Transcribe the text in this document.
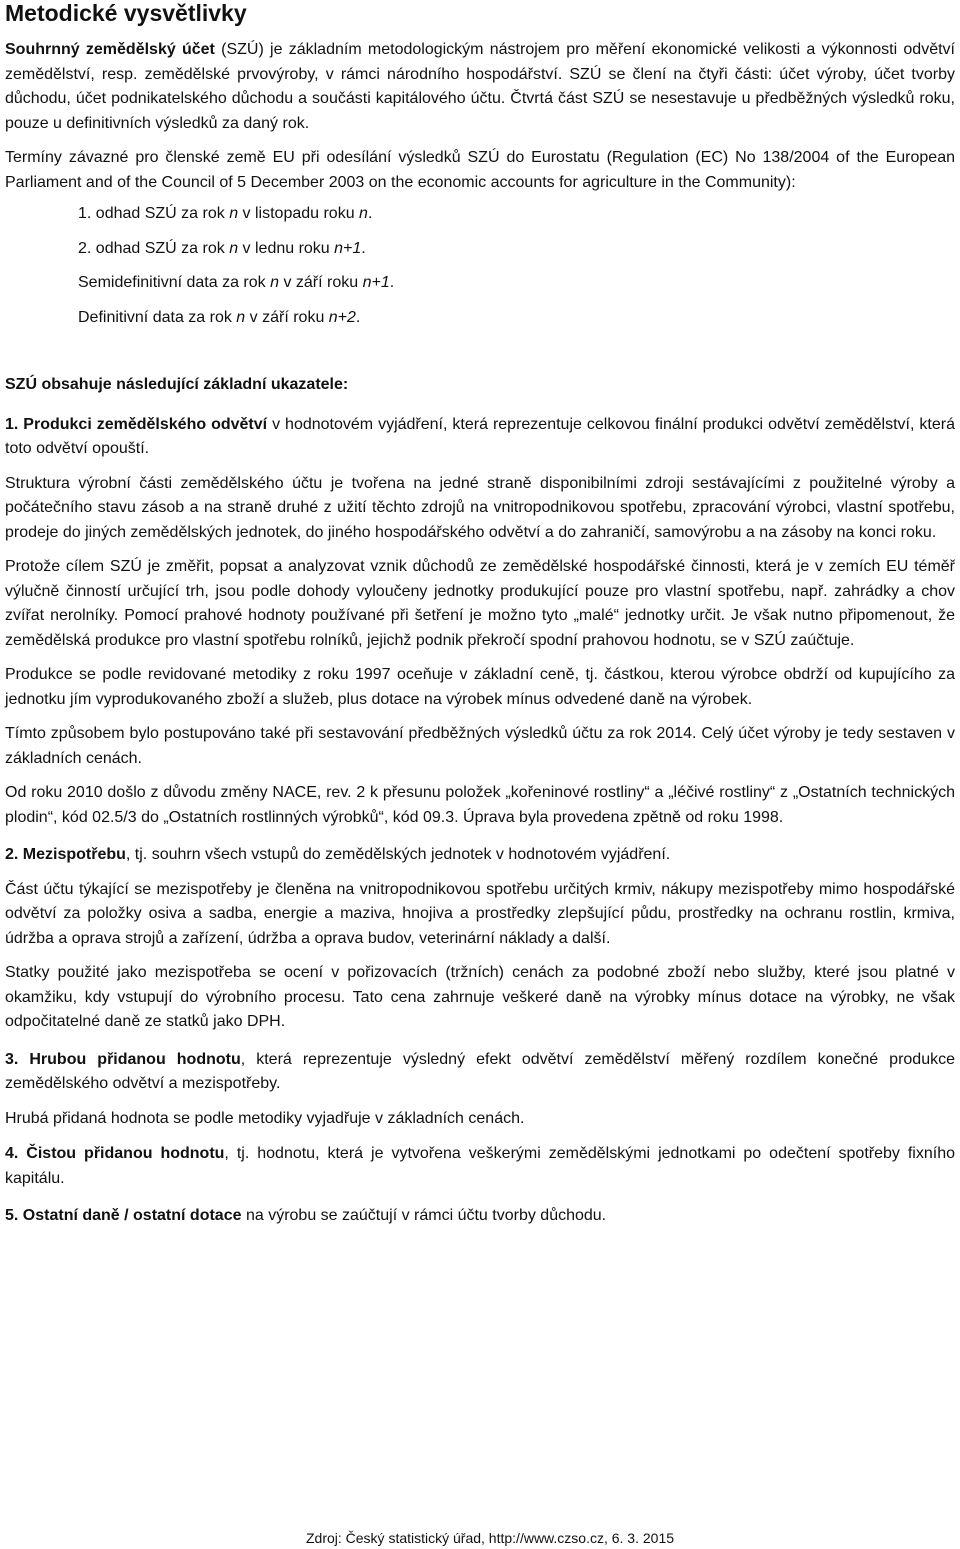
Metodické vysvětlivky

Souhrnný zemědělský účet (SZÚ) je základním metodologickým nástrojem pro měření ekonomické velikosti a výkonnosti odvětví zemědělství, resp. zemědělské prvovýroby, v rámci národního hospodářství. SZÚ se člení na čtyři části: účet výroby, účet tvorby důchodu, účet podnikatelského důchodu a součásti kapitálového účtu. Čtvrtá část SZÚ se nesestavuje u předběžných výsledků roku, pouze u definitivních výsledků za daný rok.

Termíny závazné pro členské země EU při odesílání výsledků SZÚ do Eurostatu (Regulation (EC) No 138/2004 of the European Parliament and of the Council of 5 December 2003 on the economic accounts for agriculture in the Community):

1. odhad SZÚ za rok n v listopadu roku n.
2. odhad SZÚ za rok n v lednu roku n+1.
Semidefinitivní data za rok n v září roku n+1.
Definitivní data za rok n v září roku n+2.
SZÚ obsahuje následující základní ukazatele:

1. Produkci zemědělského odvětví v hodnotovém vyjádření, která reprezentuje celkovou finální produkci odvětví zemědělství, která toto odvětví opouští.

Struktura výrobní části zemědělského účtu je tvořena na jedné straně disponibilními zdroji sestávajícími z použitelné výroby a počátečního stavu zásob a na straně druhé z užití těchto zdrojů na vnitropodnikovou spotřebu, zpracování výrobci, vlastní spotřebu, prodeje do jiných zemědělských jednotek, do jiného hospodářského odvětví a do zahraničí, samovýrobu a na zásoby na konci roku.

Protože cílem SZÚ je změřit, popsat a analyzovat vznik důchodů ze zemědělské hospodářské činnosti, která je v zemích EU téměř výlučně činností určující trh, jsou podle dohody vyloučeny jednotky produkující pouze pro vlastní spotřebu, např. zahrádky a chov zvířat nerolníky. Pomocí prahové hodnoty používané při šetření je možno tyto „malé“ jednotky určit. Je však nutno připomenout, že zemědělská produkce pro vlastní spotřebu rolníků, jejichž podnik překročí spodní prahovou hodnotu, se v SZÚ zaúčtuje.

Produkce se podle revidované metodiky z roku 1997 oceňuje v základní ceně, tj. částkou, kterou výrobce obdrží od kupujícího za jednotku jím vyprodukovaného zboží a služeb, plus dotace na výrobek mínus odvedené daně na výrobek.

Tímto způsobem bylo postupováno také při sestavování předběžných výsledků účtu za rok 2014. Celý účet výroby je tedy sestaven v základních cenách.

Od roku 2010 došlo z důvodu změny NACE, rev. 2 k přesunu položek „kořeninové rostliny“ a „léčivé rostliny“ z „Ostatních technických plodin“, kód 02.5/3 do „Ostatních rostlinných výrobků“, kód 09.3. Úprava byla provedena zpětně od roku 1998.

2. Mezispotřebu, tj. souhrn všech vstupů do zemědělských jednotek v hodnotovém vyjádření.

Část účtu týkající se mezispotřeby je členěna na vnitropodnikovou spotřebu určitých krmiv, nákupy mezispotřeby mimo hospodářské odvětví za položky osiva a sadba, energie a maziva, hnojiva a prostředky zlepšující půdu, prostředky na ochranu rostlin, krmiva, údržba a oprava strojů a zařízení, údržba a oprava budov, veterinární náklady a další.

Statky použité jako mezispotřeba se ocení v pořizovacích (tržních) cenách za podobné zboží nebo služby, které jsou platné v okamžiku, kdy vstupují do výrobního procesu. Tato cena zahrnuje veškeré daně na výrobky mínus dotace na výrobky, ne však odpočitatelné daně ze statků jako DPH.

3. Hrubou přidanou hodnotu, která reprezentuje výsledný efekt odvětví zemědělství měřený rozdílem konečné produkce zemědělského odvětví a mezispotřeby.

Hrubá přidaná hodnota se podle metodiky vyjadřuje v základních cenách.

4. Čistou přidanou hodnotu, tj. hodnotu, která je vytvořena veškerými zemědělskými jednotkami po odečtení spotřeby fixního kapitálu.

5. Ostatní daně / ostatní dotace na výrobu se zaúčtují v rámci účtu tvorby důchodu.

Zdroj: Český statistický úřad, http://www.czso.cz, 6. 3. 2015
